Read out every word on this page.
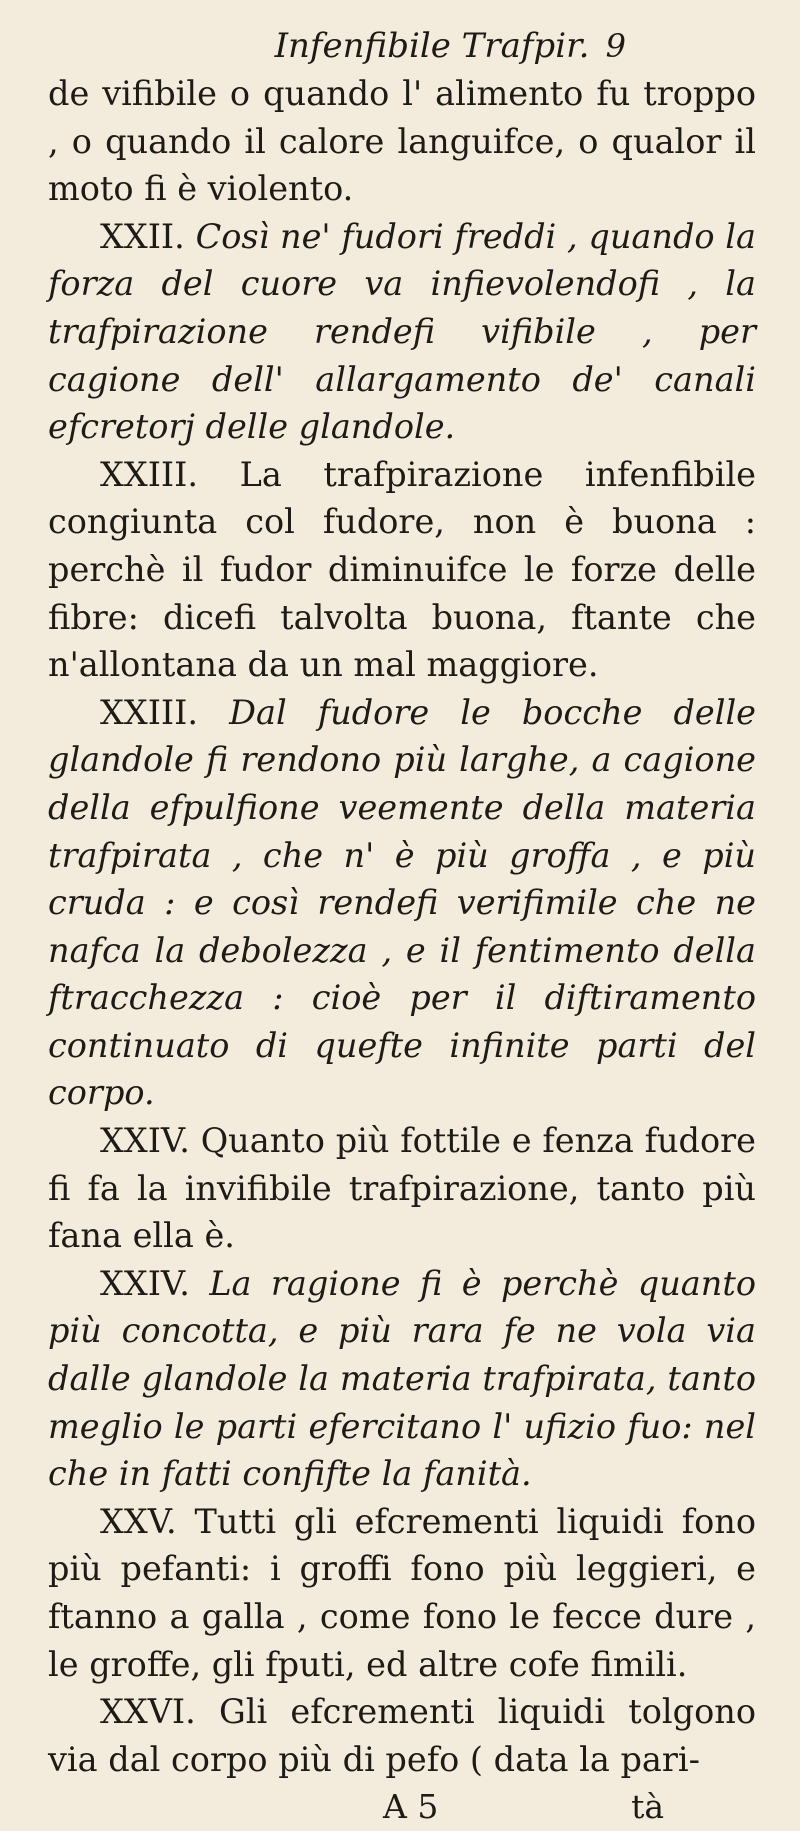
Infenfibile Trafpir. 9

de vifibile o quando l' alimento fu troppo , o quando il calore languifce, o qualor il moto fi è violento.

XXII. Così ne' fudori freddi , quando la forza del cuore va infievolendofi , la trafpirazione rendefi vifibile , per cagione dell' allargamento de' canali efcretorj delle glandole.

XXIII. La trafpirazione infenfibile congiunta col fudore, non è buona : perchè il fudor diminuifce le forze delle fibre: dicefi talvolta buona, ftante che n'allontana da un mal maggiore.

XXIII. Dal fudore le bocche delle glandole fi rendono più larghe, a cagione della efpulfione veemente della materia trafpirata , che n' è più groffa , e più cruda : e così rendefi verifimile che ne nafca la debolezza , e il fentimento della ftracchezza : cioè per il diftiramento continuato di quefte infinite parti del corpo.

XXIV. Quanto più fottile e fenza fudore fi fa la invifibile trafpirazione, tanto più fana ella è.

XXIV. La ragione fi è perchè quanto più concotta, e più rara fe ne vola via dalle glandole la materia trafpirata, tanto meglio le parti efercitano l' ufizio fuo: nel che in fatti confifte la fanità.

XXV. Tutti gli efcrementi liquidi fono più pefanti: i groffi fono più leggieri, e ftanno a galla , come fono le fecce dure , le groffe, gli fputi, ed altre cofe fimili.

XXVI. Gli efcrementi liquidi tolgono via dal corpo più di pefo ( data la pari-

A 5	tà
